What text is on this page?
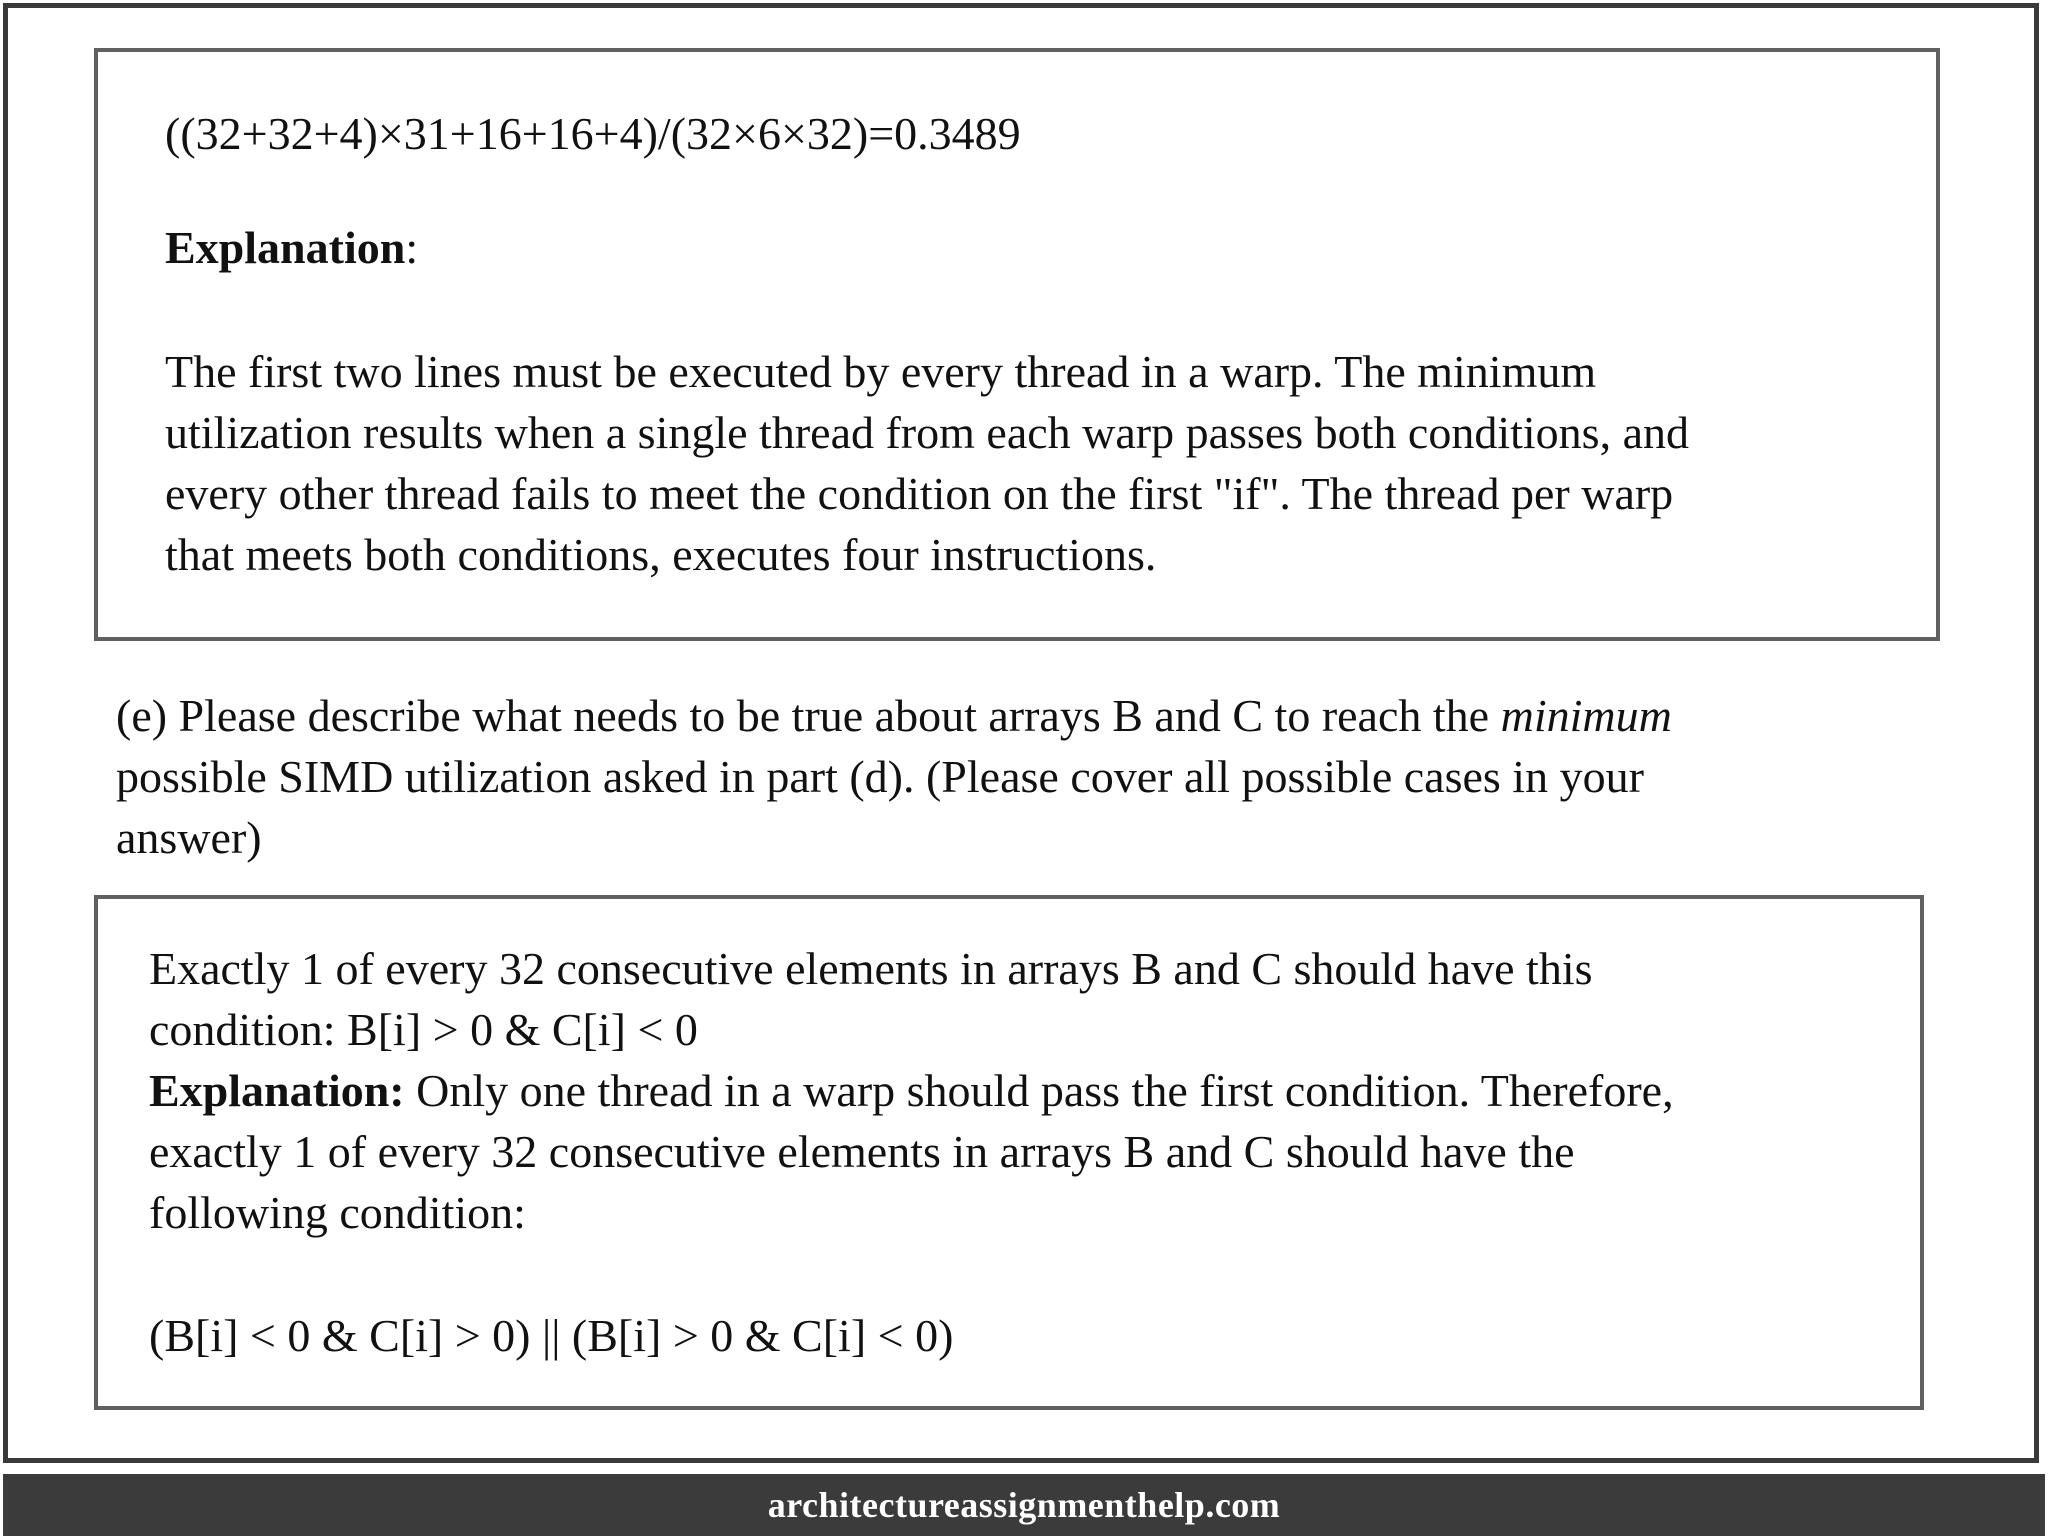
((32+32+4)×31+16+16+4)/(32×6×32)=0.3489
Explanation:
The first two lines must be executed by every thread in a warp. The minimum
utilization results when a single thread from each warp passes both conditions, and
every other thread fails to meet the condition on the first "if". The thread per warp
that meets both conditions, executes four instructions.
(e) Please describe what needs to be true about arrays B and C to reach the minimum
possible SIMD utilization asked in part (d). (Please cover all possible cases in your
answer)
Exactly 1 of every 32 consecutive elements in arrays B and C should have this
condition: B[i] > 0 & C[i] < 0
Explanation: Only one thread in a warp should pass the first condition. Therefore,
exactly 1 of every 32 consecutive elements in arrays B and C should have the
following condition:
(B[i] < 0 & C[i] > 0) || (B[i] > 0 & C[i] < 0)
architectureassignmenthelp.com
